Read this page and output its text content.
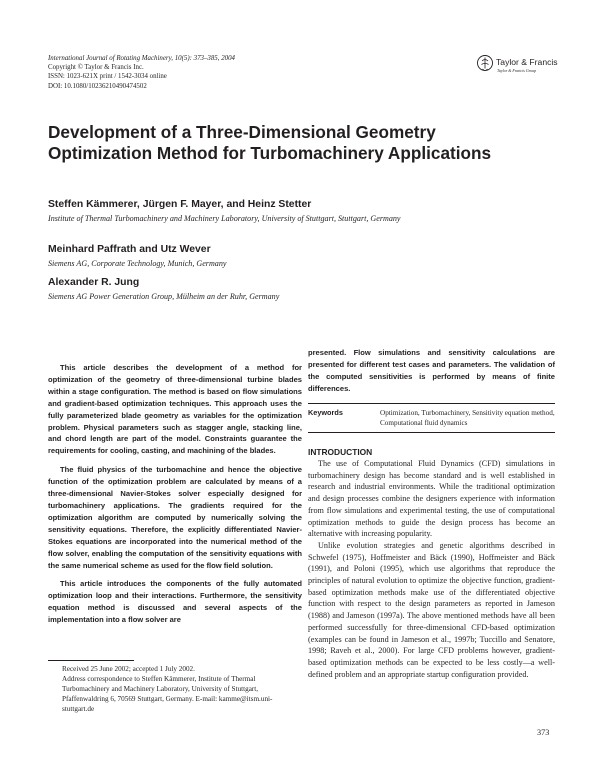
International Journal of Rotating Machinery, 10(5): 373–385, 2004
Copyright © Taylor & Francis Inc.
ISSN: 1023-621X print / 1542-3034 online
DOI: 10.1080/10236210490474502
Taylor & Francis
Taylor & Francis Group
Development of a Three-Dimensional Geometry Optimization Method for Turbomachinery Applications
Steffen Kämmerer, Jürgen F. Mayer, and Heinz Stetter
Institute of Thermal Turbomachinery and Machinery Laboratory, University of Stuttgart, Stuttgart, Germany
Meinhard Paffrath and Utz Wever
Siemens AG, Corporate Technology, Munich, Germany
Alexander R. Jung
Siemens AG Power Generation Group, Mülheim an der Ruhr, Germany

This article describes the development of a method for optimization of the geometry of three-dimensional turbine blades within a stage configuration. The method is based on flow simulations and gradient-based optimization techniques. This approach uses the fully parameterized blade geometry as variables for the optimization problem. Physical parameters such as stagger angle, stacking line, and chord length are part of the model. Constraints guarantee the requirements for cooling, casting, and machining of the blades.

The fluid physics of the turbomachine and hence the objective function of the optimization problem are calculated by means of a three-dimensional Navier-Stokes solver especially designed for turbomachinery applications. The gradients required for the optimization algorithm are computed by numerically solving the sensitivity equations. Therefore, the explicitly differentiated Navier-Stokes equations are incorporated into the numerical method of the flow solver, enabling the computation of the sensitivity equations with the same numerical scheme as used for the flow field solution.

This article introduces the components of the fully automated optimization loop and their interactions. Furthermore, the sensitivity equation method is discussed and several aspects of the implementation into a flow solver are

presented. Flow simulations and sensitivity calculations are presented for different test cases and parameters. The validation of the computed sensitivities is performed by means of finite differences.

Keywords	Optimization, Turbomachinery, Sensitivity equation method, Computational fluid dynamics
INTRODUCTION

The use of Computational Fluid Dynamics (CFD) simulations in turbomachinery design has become standard and is well established in research and industrial environments. While the traditional optimization and design processes combine the designers experience with information from flow simulations and experimental testing, the use of computational optimization methods to guide the design process has become an alternative with increasing popularity.

Unlike evolution strategies and genetic algorithms described in Schwefel (1975), Hoffmeister and Bäck (1990), Hoffmeister and Bäck (1991), and Poloni (1995), which use algorithms that reproduce the principles of natural evolution to optimize the objective function, gradient-based optimization methods make use of the differentiated objective function with respect to the design parameters as reported in Jameson (1988) and Jameson (1997a). The above mentioned methods have all been performed successfully for three-dimensional CFD-based optimization (examples can be found in Jameson et al., 1997b; Tuccillo and Senatore, 1998; Raveh et al., 2000). For large CFD problems however, gradient-based optimization methods can be expected to be less costly—a well-defined problem and an appropriate startup configuration provided.

Received 25 June 2002; accepted 1 July 2002.

Address correspondence to Steffen Kämmerer, Institute of Thermal Turbomachinery and Machinery Laboratory, University of Stuttgart, Pfaffenwaldring 6, 70569 Stuttgart, Germany. E-mail: kamme@itsm.uni-stuttgart.de

373
